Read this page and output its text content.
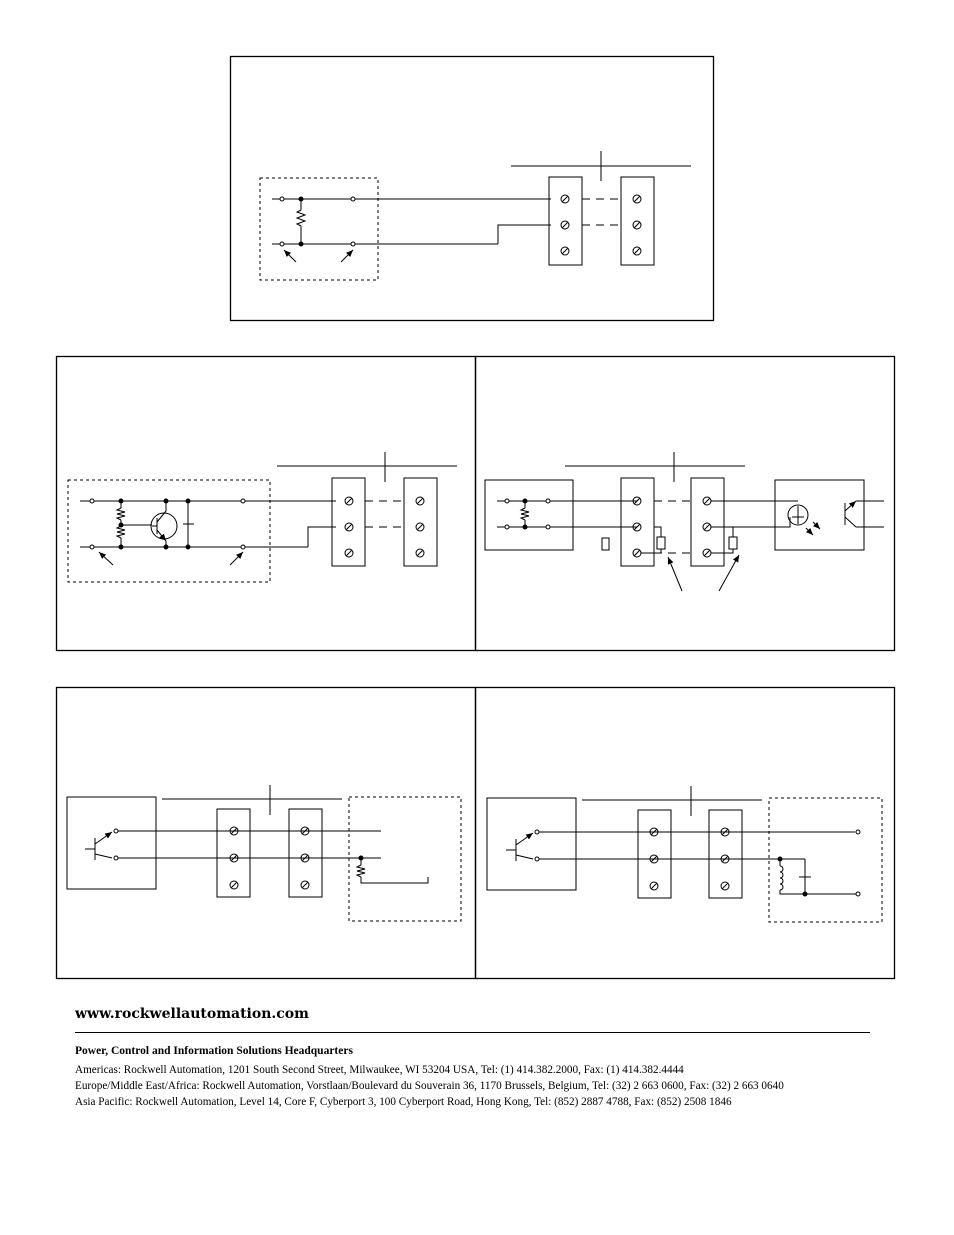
www.rockwellautomation.com
Power, Control and Information Solutions Headquarters
Americas: Rockwell Automation, 1201 South Second Street, Milwaukee, WI 53204 USA, Tel: (1) 414.382.2000, Fax: (1) 414.382.4444
Europe/Middle East/Africa: Rockwell Automation, Vorstlaan/Boulevard du Souverain 36, 1170 Brussels, Belgium, Tel: (32) 2 663 0600, Fax: (32) 2 663 0640
Asia Pacific: Rockwell Automation, Level 14, Core F, Cyberport 3, 100 Cyberport Road, Hong Kong, Tel: (852) 2887 4788, Fax: (852) 2508 1846
